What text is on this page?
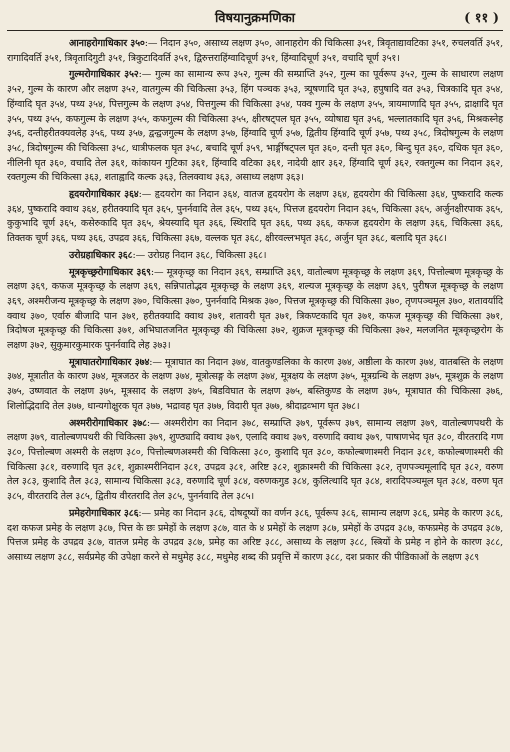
विषयानुक्रमणिका	( ११ )

आनाहरोगाधिकार ३५०:— निदान ३५०, असाध्य लक्षण ३५०, आनाहरोग की चिकित्सा ३५१, त्रिवृताद्यावटिका ३५१, रुचलवर्ति ३५१, रागादिवर्ति ३५१, त्रिवृतादिगुटी ३५१, त्रिकुटादिवर्ति ३५१, द्विरुत्तराहिंग्वादिचूर्ण ३५१, हिंग्वादिचूर्ण ३५१, वचादि चूर्ण ३५१।

गुल्मरोगाधिकार ३५२:— गुल्म का सामान्य रूप ३५२, गुल्म की सम्प्राप्ति ३५२, गुल्म का पूर्वरूप ३५२, गुल्म के साधारण लक्षण ३५२, गुल्म के कारण और लक्षण ३५२, वातगुल्म की चिकित्सा ३५३, हिंग पञ्चक ३५३, त्र्यूषणादि घृत ३५३, हपुषादि वत ३५३, चित्रकादि घृत ३५४, हिंग्वादि घृत ३५४, पथ्य ३५४, पित्तगुल्म के लक्षण ३५४, पित्तगुल्म की चिकित्सा ३५४, पक्व गुल्म के लक्षण ३५५, त्रायमाणादि घृत ३५५, द्राक्षादि घृत ३५५, पथ्य ३५५, कफगुल्म के लक्षण ३५५, कफगुल्म की चिकित्सा ३५५, क्षीरषट्पल घृत ३५५, व्योषाद्य घृत ३५६, भल्लातकादि घृत ३५६, मिश्रकस्नेह ३५६, दन्तीहरीतक्यवलेह ३५६, पथ्य ३५७, द्वन्द्वजगुल्म के लक्षण ३५७, हिंग्वादि चूर्ण ३५७, द्वितीय हिंग्वादि चूर्ण ३५७, पथ्य ३५८, त्रिदोषगुल्म के लक्षण ३५८, त्रिदोषगुल्म की चिकित्सा ३५८, धात्रीफलक घृत ३५८, बचादि चूर्ण ३५९, भार्ङ्गीषट्पल घृत ३६०, दन्ती घृत ३६०, बिन्दु घृत ३६०, दधिक घृत ३६०, नीलिनी घृत ३६०, वचादि तेल ३६१, कांकायन गुटिका ३६१, हिंग्वादि वटिका ३६१, नादेयी क्षार ३६२, हिंग्वादि चूर्ण ३६२, रक्तगुल्म का निदान ३६२, रक्तगुल्म की चिकित्सा ३६३, शताह्वादि कल्क ३६३, तिलक्वाथ ३६३, असाध्य लक्षण ३६३।

हृदयरोगाधिकार ३६४:— हृदयरोग का निदान ३६४, वातज हृदयरोग के लक्षण ३६४, हृदयरोग की चिकित्सा ३६४, पुष्करादि कल्क ३६४, पुष्करादि क्वाथ ३६४, हरीतक्यादि घृत ३६५, पुनर्नवादि तेल ३६५, पथ्य ३६५, पित्तज हृदयरोग निदान ३६५, चिकित्सा ३६५, अर्जुनक्षीरपाक ३६५, कुकुभादि चूर्ण ३६५, कसेरुकादि घृत ३६५, श्रेयस्यादि घृत ३६६, स्थिरादि घृत ३६६, पथ्य ३६६, कफज हृदयरोग के लक्षण ३६६, चिकित्सा ३६६, तिक्तक चूर्ण ३६६, पथ्य ३६६, उपद्रव ३६६, चिकित्सा ३६७, वल्लक घृत ३६८, क्षीरवल्लभघृत ३६८, अर्जुन घृत ३६८, बलादि घृत ३६८।

उरोग्रहाधिकार ३६८:— उरोग्रह निदान ३६८, चिकित्सा ३६८।

मूत्रकृच्छ्ररोगाधिकार ३६९:— मूत्रकृच्छ्र का निदान ३६९, सम्प्राप्ति ३६९, वातोल्बण मूत्रकृच्छ्र के लक्षण ३६९, पित्तोल्बण मूत्रकृच्छ्र के लक्षण ३६९, कफज मूत्रकृच्छ्र के लक्षण ३६९, सन्निपातोद्भव मूत्रकृच्छ्र के लक्षण ३६९, शल्यज मूत्रकृच्छ्र के लक्षण ३६९, पुरीषज मूत्रकृच्छ्र के लक्षण ३६९, अश्मरीजन्य मूत्रकृच्छ्र के लक्षण ३७०, चिकित्सा ३७०, पुनर्नवादि मिश्रक ३७०, पित्तज मूत्रकृच्छ्र की चिकित्सा ३७०, तृणपञ्चमूल ३७०, शतावर्यादि क्वाथ ३७०, एर्वारु बीजादि पान ३७१, हरीतक्यादि क्वाथ ३७१, शतावरी घृत ३७१, त्रिकण्टकादि घृत ३७१, कफज मूत्रकृच्छ्र की चिकित्सा ३७१, त्रिदोषज मूत्रकृच्छ्र की चिकित्सा ३७१, अभिघातजनित मूत्रकृच्छ्र की चिकित्सा ३७२, शुक्रज मूत्रकृच्छ्र की चिकित्सा ३७२, मलजनित मूत्रकृच्छ्ररोग के लक्षण ३७२, सुकुमारकुमारक पुनर्नवादि लेह ३७३।

मूत्राघातरोगाधिकार ३७४:— मूत्राघात का निदान ३७४, वातकुण्डलिका के कारण ३७४, अष्ठीला के कारण ३७४, वातबस्ति के लक्षण ३७४, मूत्रातीत के कारण ३७४, मूत्रजठर के लक्षण ३७४, मूत्रोत्सङ्ग के लक्षण ३७४, मूत्रक्षय के लक्षण ३७५, मूत्रग्रन्थि के लक्षण ३७५, मूत्रशुक्र के लक्षण ३७५, उष्णवात के लक्षण ३७५, मूत्रसाद के लक्षण ३७५, बिडविघात के लक्षण ३७५, बस्तिकुण्ड के लक्षण ३७५, मूत्राघात की चिकित्सा ३७६, शिलोद्भिदादि तेल ३७७, धान्यगोक्षुरक घृत ३७७, भद्रावह घृत ३७७, विदारी घृत ३७७, श्रीदाद्रव्भाग घृत ३७८।

अश्मरीरोगाधिकार ३७८:— अश्मरीरोग का निदान ३७८, सम्प्राप्ति ३७९, पूर्वरूप ३७९, सामान्य लक्षण ३७९, वातोल्बणपथरी के लक्षण ३७९, वातोल्बणपथरी की चिकित्सा ३७९, शुण्ठ्यादि क्वाथ ३७९, एलादि क्वाथ ३७९, वरुणादि क्वाथ ३७९, पाषाणभेद घृत ३८०, वीरतरादि गण ३८०, पित्तोल्बण अश्मरी के लक्षण ३८०, पित्तोल्बणअश्मरी की चिकित्सा ३८०, कुशादि घृत ३८०, कफोल्बणाश्मरी निदान ३८१, कफोल्बणाश्मरी की चिकित्सा ३८१, वरुणादि घृत ३८१, शुक्राश्मरीनिदान ३८१, उपद्रव ३८१, अरिष्ट ३८२, शुक्राश्मरी की चिकित्सा ३८२, तृणपञ्चमूलादि घृत ३८२, वरुण तेल ३८३, कुशादि तैल ३८३, सामान्य चिकित्सा ३८३, वरुणादि चूर्ण ३८४, वरुणकगुड ३८४, कुलित्थादि घृत ३८४, शरादिपञ्चमूल घृत ३८४, वरुण घृत ३८५, वीरतरादि तेल ३८५, द्वितीय वीरतरादि तेल ३८५, पुनर्नवादि तेल ३८५।

प्रमेहरोगाधिकार ३८६:— प्रमेह का निदान ३८६, दोषदूष्यों का वर्णन ३८६, पूर्वरूप ३८६, सामान्य लक्षण ३८६, प्रमेह के कारण ३८६, दश कफज प्रमेह के लक्षण ३८७, पित्त के छः प्रमेहों के लक्षण ३८७, वात के ४ प्रमेहों के लक्षण ३८७, प्रमेहों के उपद्रव ३८७, कफप्रमेह के उपद्रव ३८७, पित्तज प्रमेह के उपद्रव ३८७, वातज प्रमेह के उपद्रव ३८७, प्रमेह का अरिष्ट ३८८, असाध्य के लक्षण ३८८, स्त्रियों के प्रमेह न होने के कारण ३८८, असाध्य लक्षण ३८८, सर्वप्रमेह की उपेक्षा करने से मधुमेह ३८८, मधुमेह शब्द की प्रवृत्ति में कारण ३८८, दश प्रकार की पीडिकाओं के लक्षण ३८९
